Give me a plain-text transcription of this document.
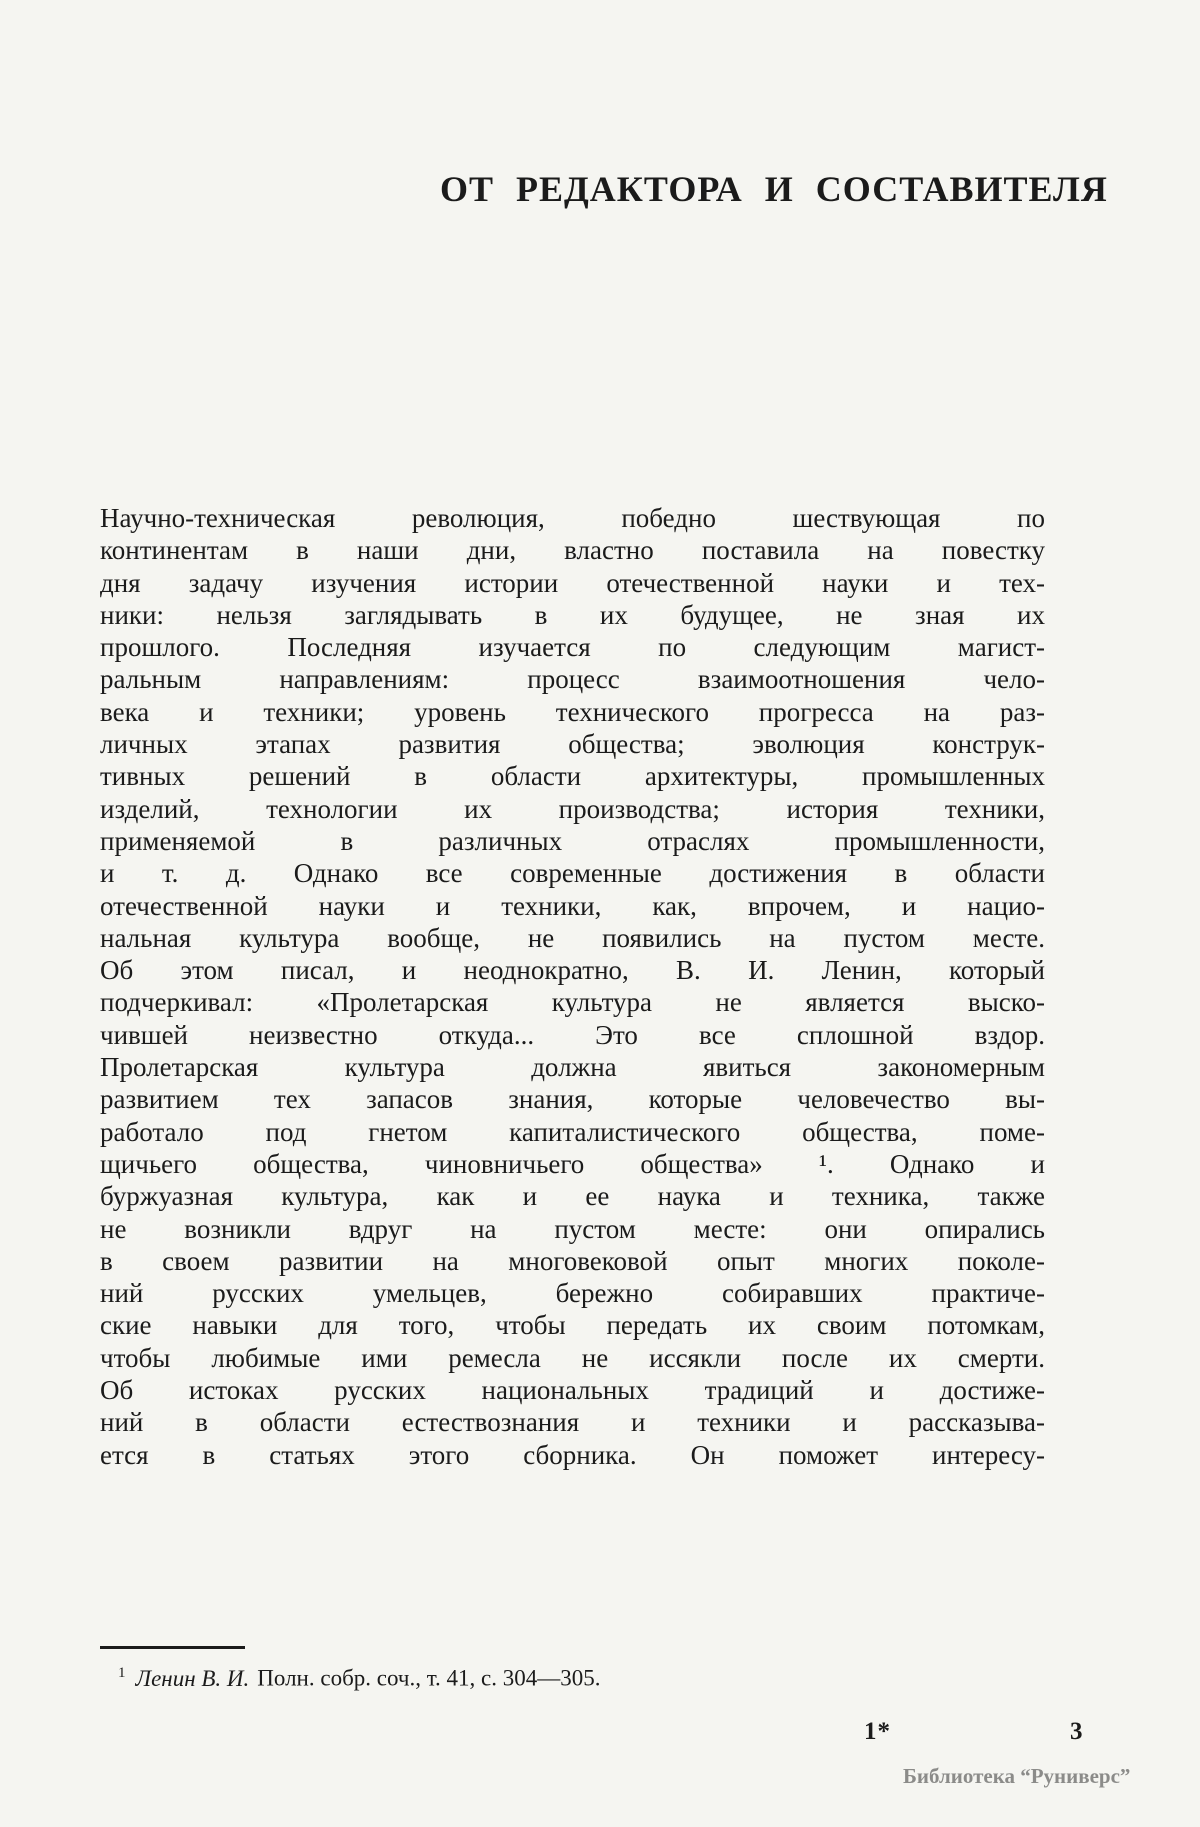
ОТ РЕДАКТОРА И СОСТАВИТЕЛЯ
Научно-техническая революция, победно шествующая по
континентам в наши дни, властно поставила на повестку
дня задачу изучения истории отечественной науки и тех-
ники: нельзя заглядывать в их будущее, не зная их
прошлого. Последняя изучается по следующим магист-
ральным направлениям: процесс взаимоотношения чело-
века и техники; уровень технического прогресса на раз-
личных этапах развития общества; эволюция конструк-
тивных решений в области архитектуры, промышленных
изделий, технологии их производства; история техники,
применяемой в различных отраслях промышленности,
и т. д. Однако все современные достижения в области
отечественной науки и техники, как, впрочем, и нацио-
нальная культура вообще, не появились на пустом месте.
Об этом писал, и неоднократно, В. И. Ленин, который
подчеркивал: «Пролетарская культура не является выско-
чившей неизвестно откуда... Это все сплошной вздор.
Пролетарская культура должна явиться закономерным
развитием тех запасов знания, которые человечество вы-
работало под гнетом капиталистического общества, поме-
щичьего общества, чиновничьего общества» ¹. Однако и
буржуазная культура, как и ее наука и техника, также
не возникли вдруг на пустом месте: они опирались
в своем развитии на многовековой опыт многих поколе-
ний русских умельцев, бережно собиравших практиче-
ские навыки для того, чтобы передать их своим потомкам,
чтобы любимые ими ремесла не иссякли после их смерти.
Об истоках русских национальных традиций и достиже-
ний в области естествознания и техники и рассказыва-
ется в статьях этого сборника. Он поможет интересу-

$^1$ Ленин В. И. Полн. собр. соч., т. 41, с. 304—305.

1*	3
Библиотека “Руниверс”
